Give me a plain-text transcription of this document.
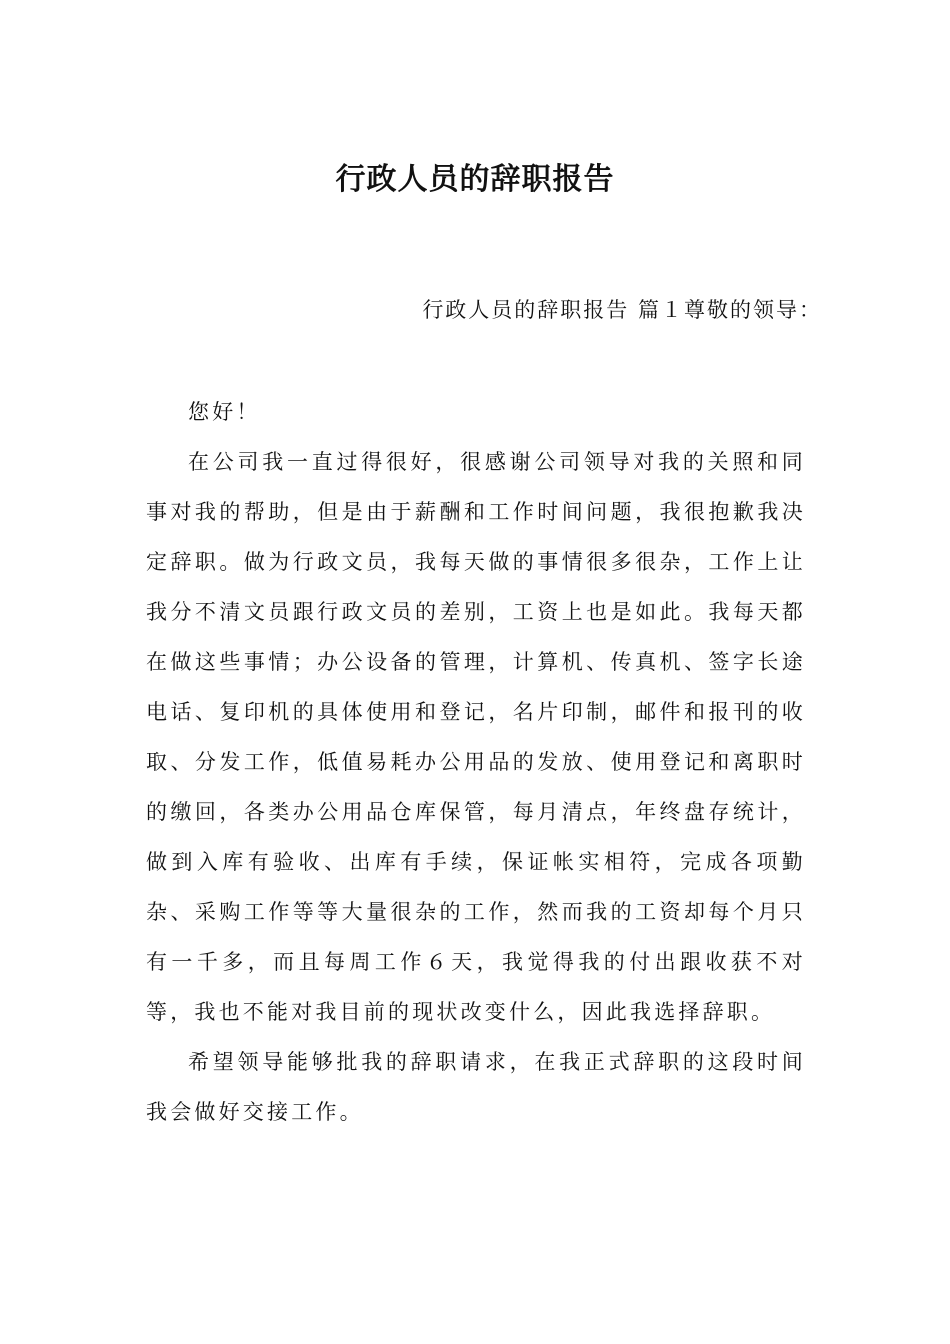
行政人员的辞职报告
行政人员的辞职报告 篇１尊敬的领导：

您好！

在公司我一直过得很好，很感谢公司领导对我的关照和同事对我的帮助，但是由于薪酬和工作时间问题，我很抱歉我决定辞职。做为行政文员，我每天做的事情很多很杂，工作上让我分不清文员跟行政文员的差别，工资上也是如此。我每天都在做这些事情；办公设备的管理，计算机、传真机、签字长途电话、复印机的具体使用和登记，名片印制，邮件和报刊的收取、分发工作，低值易耗办公用品的发放、使用登记和离职时的缴回，各类办公用品仓库保管，每月清点，年终盘存统计，做到入库有验收、出库有手续，保证帐实相符，完成各项勤杂、采购工作等等大量很杂的工作，然而我的工资却每个月只有一千多，而且每周工作６天，我觉得我的付出跟收获不对等，我也不能对我目前的现状改变什么，因此我选择辞职。

希望领导能够批我的辞职请求，在我正式辞职的这段时间我会做好交接工作。
